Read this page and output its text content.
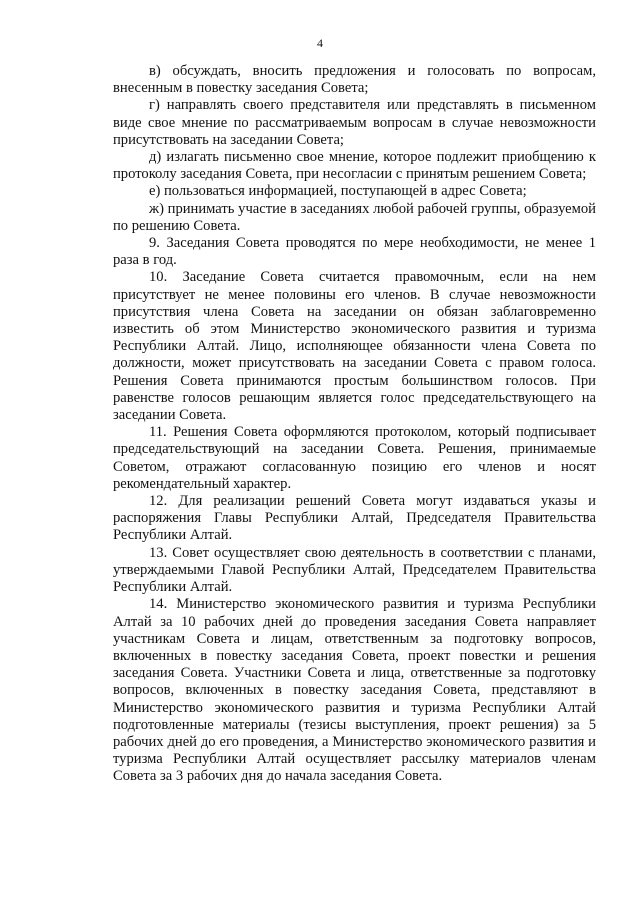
4

в) обсуждать, вносить предложения и голосовать по вопросам, внесенным в повестку заседания Совета;

г) направлять своего представителя или представлять в письменном виде свое мнение по рассматриваемым вопросам в случае невозможности присутствовать на заседании Совета;

д) излагать письменно свое мнение, которое подлежит приобщению к протоколу заседания Совета, при несогласии с принятым решением Совета;

е) пользоваться информацией, поступающей в адрес Совета;

ж) принимать участие в заседаниях любой рабочей группы, образуемой по решению Совета.

9. Заседания Совета проводятся по мере необходимости, не менее 1 раза в год.

10. Заседание Совета считается правомочным, если на нем присутствует не менее половины его членов. В случае невозможности присутствия члена Совета на заседании он обязан заблаговременно известить об этом Министерство экономического развития и туризма Республики Алтай. Лицо, исполняющее обязанности члена Совета по должности, может присутствовать на заседании Совета с правом голоса. Решения Совета принимаются простым большинством голосов. При равенстве голосов решающим является голос председательствующего на заседании Совета.

11. Решения Совета оформляются протоколом, который подписывает председательствующий на заседании Совета. Решения, принимаемые Советом, отражают согласованную позицию его членов и носят рекомендательный характер.

12. Для реализации решений Совета могут издаваться указы и распоряжения Главы Республики Алтай, Председателя Правительства Республики Алтай.

13. Совет осуществляет свою деятельность в соответствии с планами, утверждаемыми Главой Республики Алтай, Председателем Правительства Республики Алтай.

14. Министерство экономического развития и туризма Республики Алтай за 10 рабочих дней до проведения заседания Совета направляет участникам Совета и лицам, ответственным за подготовку вопросов, включенных в повестку заседания Совета, проект повестки и решения заседания Совета. Участники Совета и лица, ответственные за подготовку вопросов, включенных в повестку заседания Совета, представляют в Министерство экономического развития и туризма Республики Алтай подготовленные материалы (тезисы выступления, проект решения) за 5 рабочих дней до его проведения, а Министерство экономического развития и туризма Республики Алтай осуществляет рассылку материалов членам Совета за 3 рабочих дня до начала заседания Совета.
